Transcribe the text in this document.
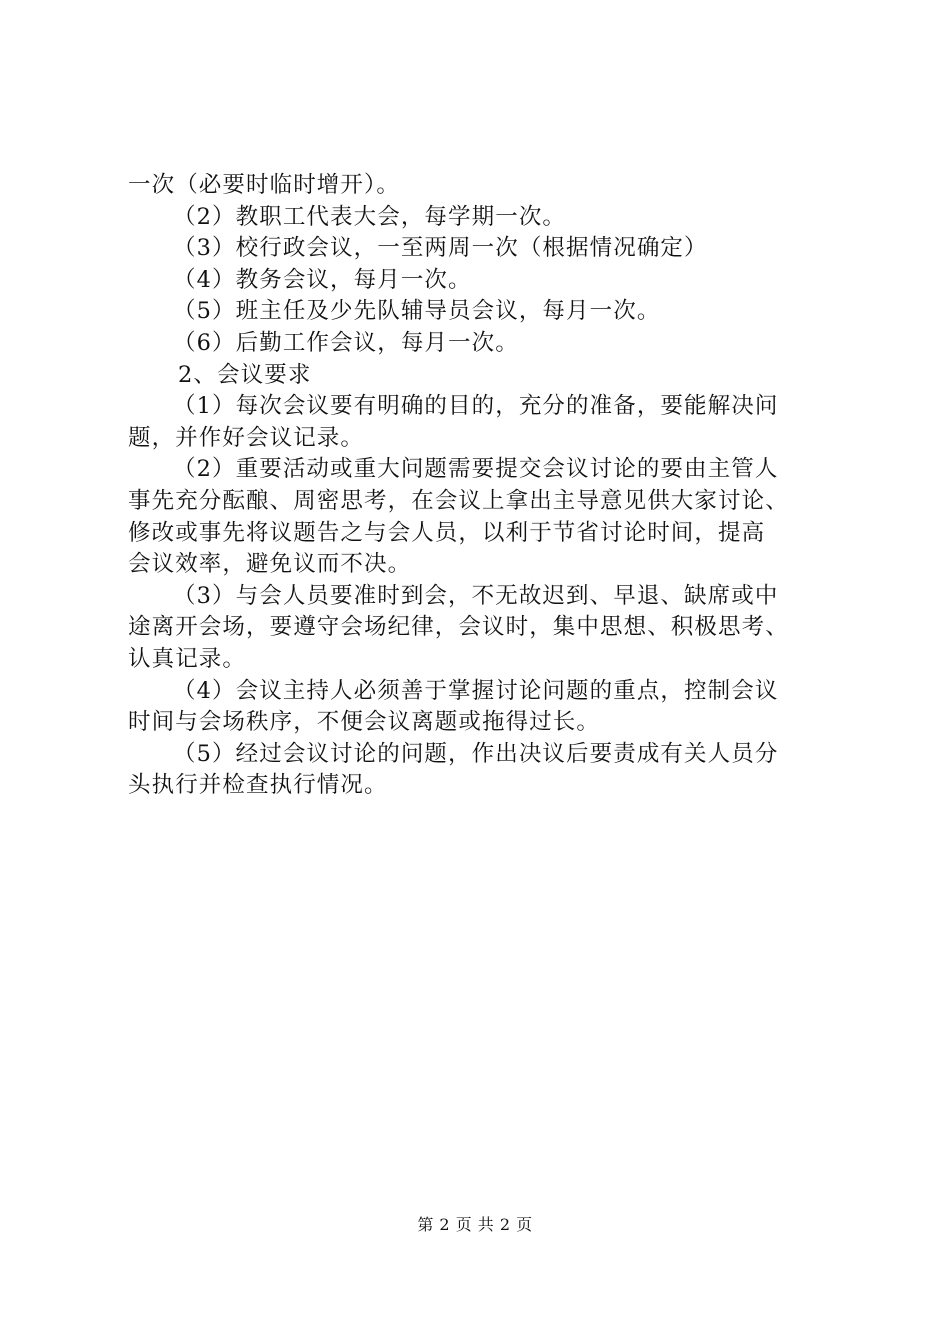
一次（必要时临时增开）。
（2）教职工代表大会，每学期一次。
（3）校行政会议，一至两周一次（根据情况确定）
（4）教务会议，每月一次。
（5）班主任及少先队辅导员会议，每月一次。
（6）后勤工作会议，每月一次。
2、会议要求
（1）每次会议要有明确的目的，充分的准备，要能解决问
题，并作好会议记录。
（2）重要活动或重大问题需要提交会议讨论的要由主管人
事先充分酝酿、周密思考，在会议上拿出主导意见供大家讨论、
修改或事先将议题告之与会人员，以利于节省讨论时间，提高
会议效率，避免议而不决。
（3）与会人员要准时到会，不无故迟到、早退、缺席或中
途离开会场，要遵守会场纪律，会议时，集中思想、积极思考、
认真记录。
（4）会议主持人必须善于掌握讨论问题的重点，控制会议
时间与会场秩序，不便会议离题或拖得过长。
（5）经过会议讨论的问题，作出决议后要责成有关人员分
头执行并检查执行情况。
第 2 页 共 2 页
